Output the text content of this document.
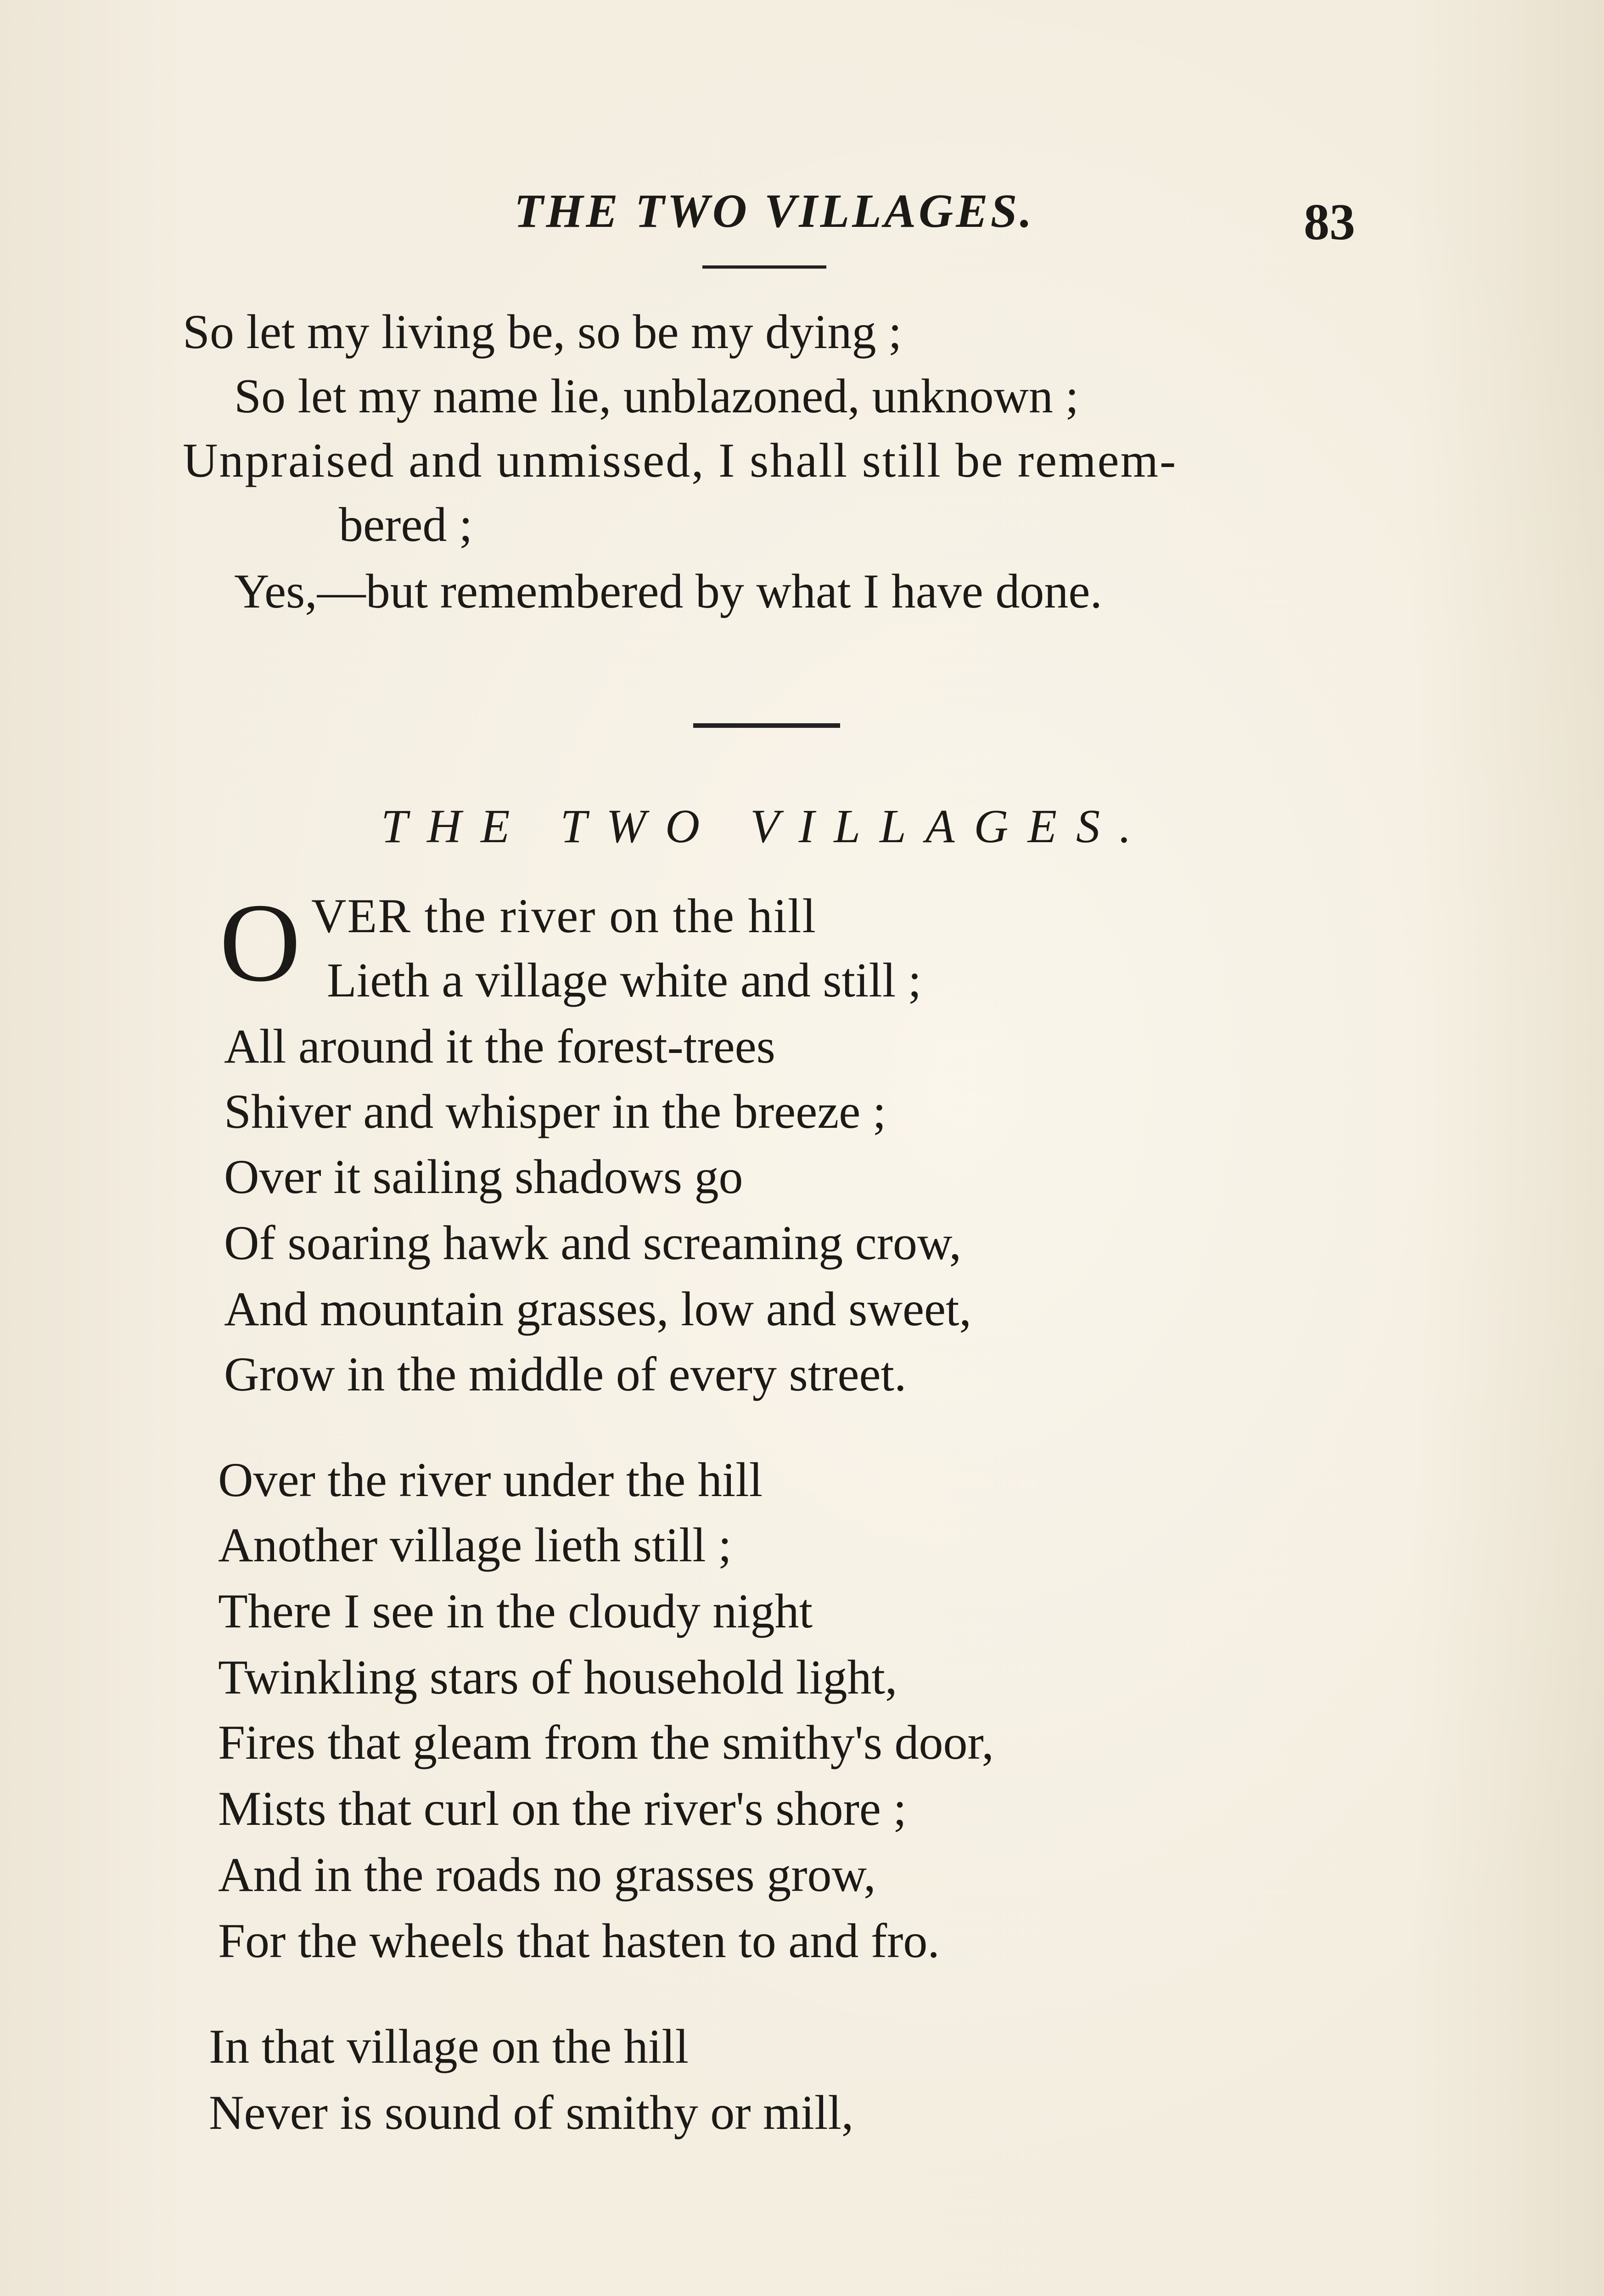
THE TWO VILLAGES.	83
So let my living be, so be my dying ;
So let my name lie, unblazoned, unknown ;
Unpraised and unmissed, I shall still be remem-
bered ;
Yes,—but remembered by what I have done.
THE TWO VILLAGES.
O VER the river on the hill
Lieth a village white and still ;
All around it the forest-trees
Shiver and whisper in the breeze ;
Over it sailing shadows go
Of soaring hawk and screaming crow,
And mountain grasses, low and sweet,
Grow in the middle of every street.
Over the river under the hill
Another village lieth still ;
There I see in the cloudy night
Twinkling stars of household light,
Fires that gleam from the smithy's door,
Mists that curl on the river's shore ;
And in the roads no grasses grow,
For the wheels that hasten to and fro.
In that village on the hill
Never is sound of smithy or mill,
